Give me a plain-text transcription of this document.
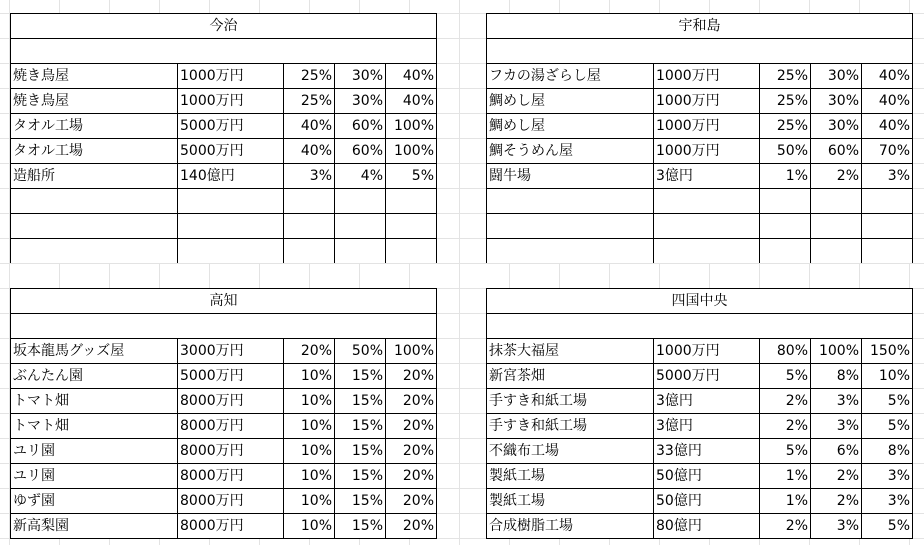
今治				

焼き鳥屋	1000万円	25%	30%	40%
焼き鳥屋	1000万円	25%	30%	40%
タオル工場	5000万円	40%	60%	100%
タオル工場	5000万円	40%	60%	100%
造船所	140億円	3%	4%	5%

宇和島				

フカの湯ざらし屋	1000万円	25%	30%	40%
鯛めし屋	1000万円	25%	30%	40%
鯛めし屋	1000万円	25%	30%	40%
鯛そうめん屋	1000万円	50%	60%	70%
闘牛場	3億円	1%	2%	3%

高知				

坂本龍馬グッズ屋	3000万円	20%	50%	100%
ぶんたん園	5000万円	10%	15%	20%
トマト畑	8000万円	10%	15%	20%
トマト畑	8000万円	10%	15%	20%
ユリ園	8000万円	10%	15%	20%
ユリ園	8000万円	10%	15%	20%
ゆず園	8000万円	10%	15%	20%
新高梨園	8000万円	10%	15%	20%
四国中央				

抹茶大福屋	1000万円	80%	100%	150%
新宮茶畑	5000万円	5%	8%	10%
手すき和紙工場	3億円	2%	3%	5%
手すき和紙工場	3億円	2%	3%	5%
不織布工場	33億円	5%	6%	8%
製紙工場	50億円	1%	2%	3%
製紙工場	50億円	1%	2%	3%
合成樹脂工場	80億円	2%	3%	5%
